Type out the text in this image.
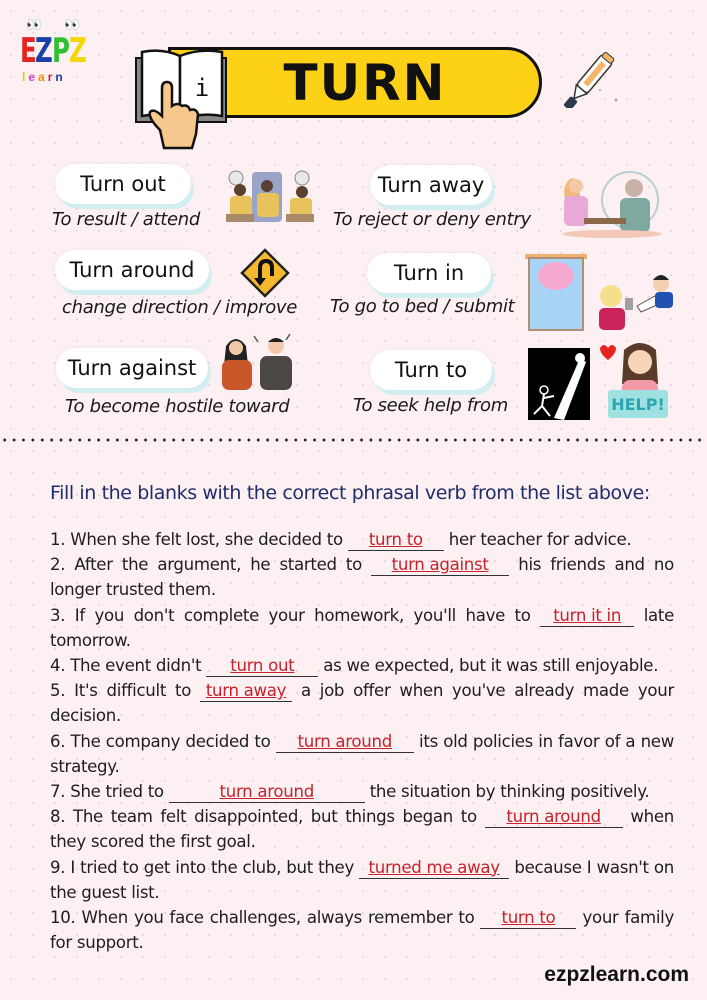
👀 👀
EZPZ
learn	TURN
i
Turn out
To result / attend
Turn away
To reject or deny entry
Turn around
change direction / improve
Turn in
To go to bed / submit
Turn against
To become hostile toward
Turn to
To seek help from	HELP!
Fill in the blanks with the correct phrasal verb from the list above:
1. When she felt lost, she decided to turn to her teacher for advice.
2. After the argument, he started to turn against his friends and no longer trusted them.
3. If you don't complete your homework, you'll have to turn it in late tomorrow.
4. The event didn't turn out as we expected, but it was still enjoyable.
5. It's difficult to turn away a job offer when you've already made your decision.
6. The company decided to turn around its old policies in favor of a new strategy.
7. She tried to	turn around	the situation by thinking positively.
8. The team felt disappointed, but things began to turn around when they scored the first goal.
9. I tried to get into the club, but they turned me away because I wasn't on the guest list.
10. When you face challenges, always remember to turn to your family for support.
ezpzlearn.com
